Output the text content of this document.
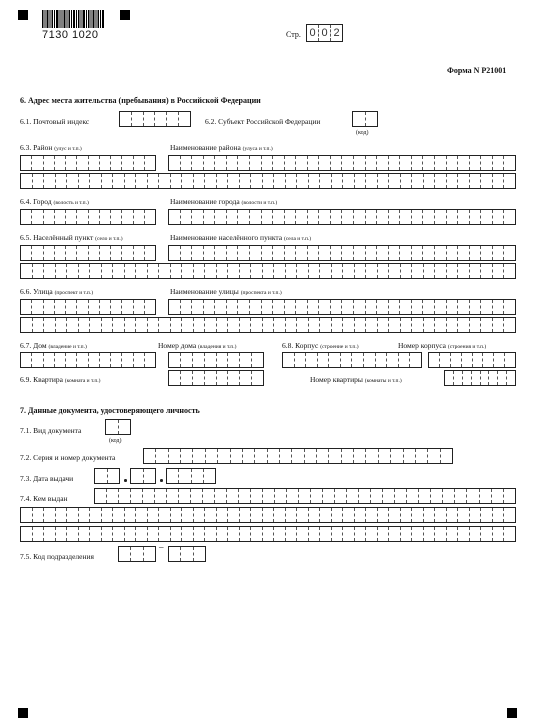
7130 1020	Стр. 0 0 2
Форма N Р21001
6. Адрес места жительства (пребывания) в Российской Федерации
6.1. Почтовый индекс	6.2. Субъект Российской Федерации
(код)
6.3. Район (улус и т.п.)	Наименование района (улуса и т.п.)
6.4. Город (волость и т.п.)	Наименование города (волости и т.п.)
6.5. Населённый пункт (село и т.п.)	Наименование населённого пункта (села и т.п.)
6.6. Улица (проспект и т.п.)	Наименование улицы (проспекта и т.п.)
6.7. Дом (владение и т.п.)	Номер дома (владения и т.п.)	6.8. Корпус (строение и т.п.)	Номер корпуса (строения и т.п.)
6.9. Квартира (комната и т.п.)	Номер квартиры (комнаты и т.п.)
7. Данные документа, удостоверяющего личность
7.1. Вид документа
(код)
7.2. Серия и номер документа
7.3. Дата выдачи
7.4. Кем выдан
7.5. Код подразделения
–
